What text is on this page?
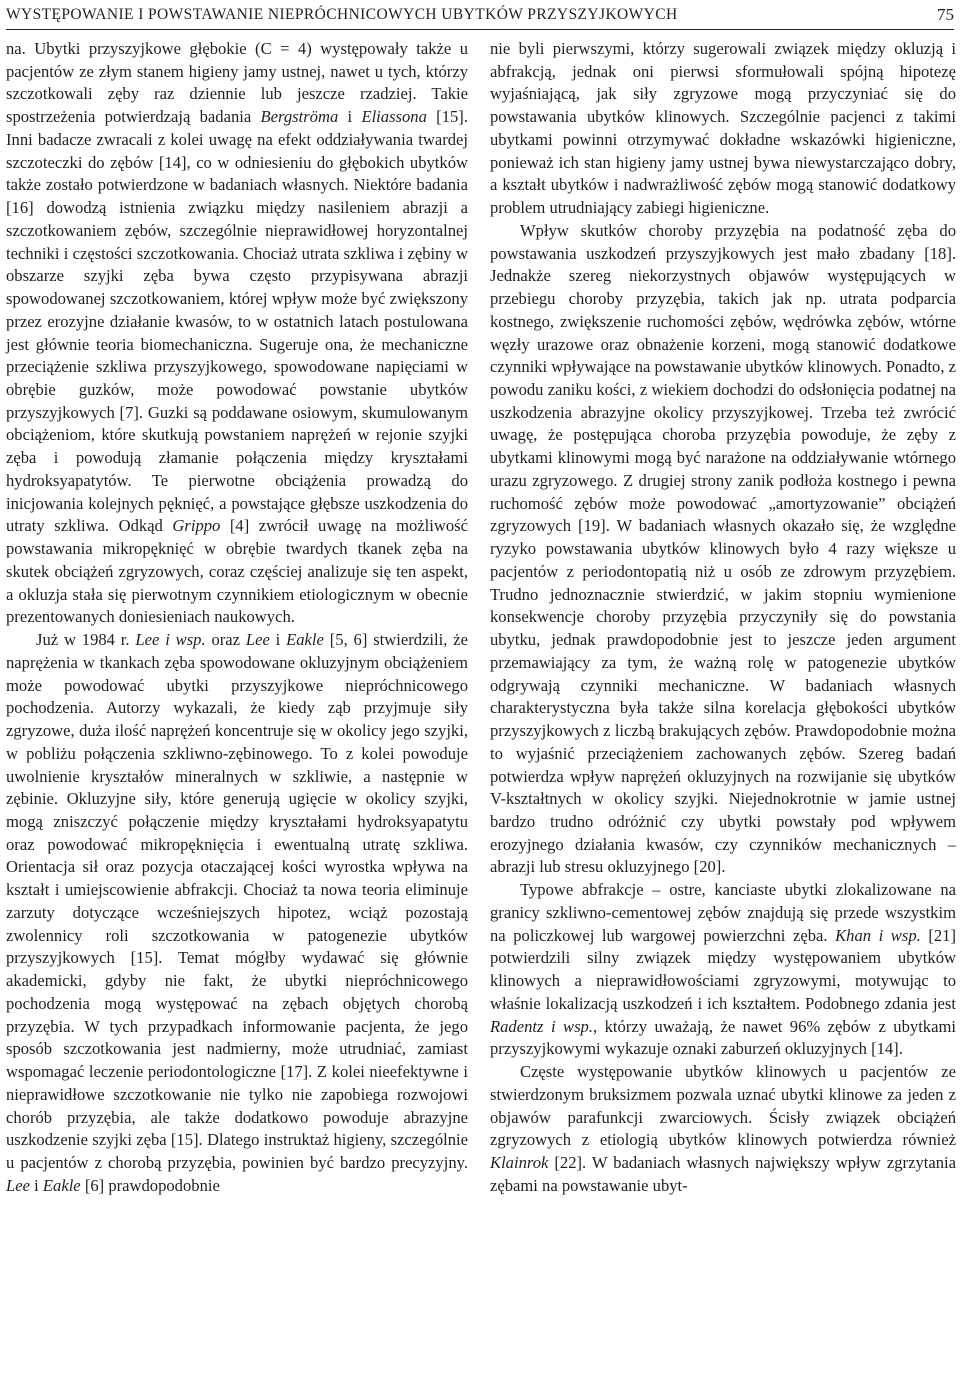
WYSTĘPOWANIE I POWSTAWANIE NIEPRÓCHNICOWYCH UBYTKÓW PRZYSZYJKOWYCH	75

na. Ubytki przyszyjkowe głębokie (C = 4) występowały także u pacjentów ze złym stanem higieny jamy ustnej, nawet u tych, którzy szczotkowali zęby raz dziennie lub jeszcze rzadziej. Takie spostrzeżenia potwierdzają badania Bergströma i Eliassona [15]. Inni badacze zwracali z kolei uwagę na efekt oddziaływania twardej szczoteczki do zębów [14], co w odniesieniu do głębokich ubytków także zostało potwierdzone w badaniach własnych. Niektóre badania [16] dowodzą istnienia związku między nasileniem abrazji a szczotkowaniem zębów, szczególnie nieprawidłowej horyzontalnej techniki i częstości szczotkowania. Chociaż utrata szkliwa i zębiny w obszarze szyjki zęba bywa często przypisywana abrazji spowodowanej szczotkowaniem, której wpływ może być zwiększony przez erozyjne działanie kwasów, to w ostatnich latach postulowana jest głównie teoria biomechaniczna. Sugeruje ona, że mechaniczne przeciążenie szkliwa przyszyjkowego, spowodowane napięciami w obrębie guzków, może powodować powstanie ubytków przyszyjkowych [7]. Guzki są poddawane osiowym, skumulowanym obciążeniom, które skutkują powstaniem naprężeń w rejonie szyjki zęba i powodują złamanie połączenia między kryształami hydroksyapatytów. Te pierwotne obciążenia prowadzą do inicjowania kolejnych pęknięć, a powstające głębsze uszkodzenia do utraty szkliwa. Odkąd Grippo [4] zwrócił uwagę na możliwość powstawania mikropęknięć w obrębie twardych tkanek zęba na skutek obciążeń zgryzowych, coraz częściej analizuje się ten aspekt, a okluzja stała się pierwotnym czynnikiem etiologicznym w obecnie prezentowanych doniesieniach naukowych.

Już w 1984 r. Lee i wsp. oraz Lee i Eakle [5, 6] stwierdzili, że naprężenia w tkankach zęba spowodowane okluzyjnym obciążeniem może powodować ubytki przyszyjkowe niepróchnicowego pochodzenia. Autorzy wykazali, że kiedy ząb przyjmuje siły zgryzowe, duża ilość naprężeń koncentruje się w okolicy jego szyjki, w pobliżu połączenia szkliwno-zębinowego. To z kolei powoduje uwolnienie kryształów mineralnych w szkliwie, a następnie w zębinie. Okluzyjne siły, które generują ugięcie w okolicy szyjki, mogą zniszczyć połączenie między kryształami hydroksyapatytu oraz powodować mikropęknięcia i ewentualną utratę szkliwa. Orientacja sił oraz pozycja otaczającej kości wyrostka wpływa na kształt i umiejscowienie abfrakcji. Chociaż ta nowa teoria eliminuje zarzuty dotyczące wcześniejszych hipotez, wciąż pozostają zwolennicy roli szczotkowania w patogenezie ubytków przyszyjkowych [15]. Temat mógłby wydawać się głównie akademicki, gdyby nie fakt, że ubytki niepróchnicowego pochodzenia mogą występować na zębach objętych chorobą przyzębia. W tych przypadkach informowanie pacjenta, że jego sposób szczotkowania jest nadmierny, może utrudniać, zamiast wspomagać leczenie periodontologiczne [17]. Z kolei nieefektywne i nieprawidłowe szczotkowanie nie tylko nie zapobiega rozwojowi chorób przyzębia, ale także dodatkowo powoduje abrazyjne uszkodzenie szyjki zęba [15]. Dlatego instruktaż higieny, szczególnie u pacjentów z chorobą przyzębia, powinien być bardzo precyzyjny. Lee i Eakle [6] prawdopodobnie

nie byli pierwszymi, którzy sugerowali związek między okluzją i abfrakcją, jednak oni pierwsi sformułowali spójną hipotezę wyjaśniającą, jak siły zgryzowe mogą przyczyniać się do powstawania ubytków klinowych. Szczególnie pacjenci z takimi ubytkami powinni otrzymywać dokładne wskazówki higieniczne, ponieważ ich stan higieny jamy ustnej bywa niewystarczająco dobry, a kształt ubytków i nadwrażliwość zębów mogą stanowić dodatkowy problem utrudniający zabiegi higieniczne.

Wpływ skutków choroby przyzębia na podatność zęba do powstawania uszkodzeń przyszyjkowych jest mało zbadany [18]. Jednakże szereg niekorzystnych objawów występujących w przebiegu choroby przyzębia, takich jak np. utrata podparcia kostnego, zwiększenie ruchomości zębów, wędrówka zębów, wtórne węzły urazowe oraz obnażenie korzeni, mogą stanowić dodatkowe czynniki wpływające na powstawanie ubytków klinowych. Ponadto, z powodu zaniku kości, z wiekiem dochodzi do odsłonięcia podatnej na uszkodzenia abrazyjne okolicy przyszyjkowej. Trzeba też zwrócić uwagę, że postępująca choroba przyzębia powoduje, że zęby z ubytkami klinowymi mogą być narażone na oddziaływanie wtórnego urazu zgryzowego. Z drugiej strony zanik podłoża kostnego i pewna ruchomość zębów może powodować „amortyzowanie” obciążeń zgryzowych [19]. W badaniach własnych okazało się, że względne ryzyko powstawania ubytków klinowych było 4 razy większe u pacjentów z periodontopatią niż u osób ze zdrowym przyzębiem. Trudno jednoznacznie stwierdzić, w jakim stopniu wymienione konsekwencje choroby przyzębia przyczyniły się do powstania ubytku, jednak prawdopodobnie jest to jeszcze jeden argument przemawiający za tym, że ważną rolę w patogenezie ubytków odgrywają czynniki mechaniczne. W badaniach własnych charakterystyczna była także silna korelacja głębokości ubytków przyszyjkowych z liczbą brakujących zębów. Prawdopodobnie można to wyjaśnić przeciążeniem zachowanych zębów. Szereg badań potwierdza wpływ naprężeń okluzyjnych na rozwijanie się ubytków V-kształtnych w okolicy szyjki. Niejednokrotnie w jamie ustnej bardzo trudno odróżnić czy ubytki powstały pod wpływem erozyjnego działania kwasów, czy czynników mechanicznych – abrazji lub stresu okluzyjnego [20].

Typowe abfrakcje – ostre, kanciaste ubytki zlokalizowane na granicy szkliwno-cementowej zębów znajdują się przede wszystkim na policzkowej lub wargowej powierzchni zęba. Khan i wsp. [21] potwierdzili silny związek między występowaniem ubytków klinowych a nieprawidłowościami zgryzowymi, motywując to właśnie lokalizacją uszkodzeń i ich kształtem. Podobnego zdania jest Radentz i wsp., którzy uważają, że nawet 96% zębów z ubytkami przyszyjkowymi wykazuje oznaki zaburzeń okluzyjnych [14].

Częste występowanie ubytków klinowych u pacjentów ze stwierdzonym bruksizmem pozwala uznać ubytki klinowe za jeden z objawów parafunkcji zwarciowych. Ścisły związek obciążeń zgryzowych z etiologią ubytków klinowych potwierdza również Klainrok [22]. W badaniach własnych największy wpływ zgrzytania zębami na powstawanie ubyt-
